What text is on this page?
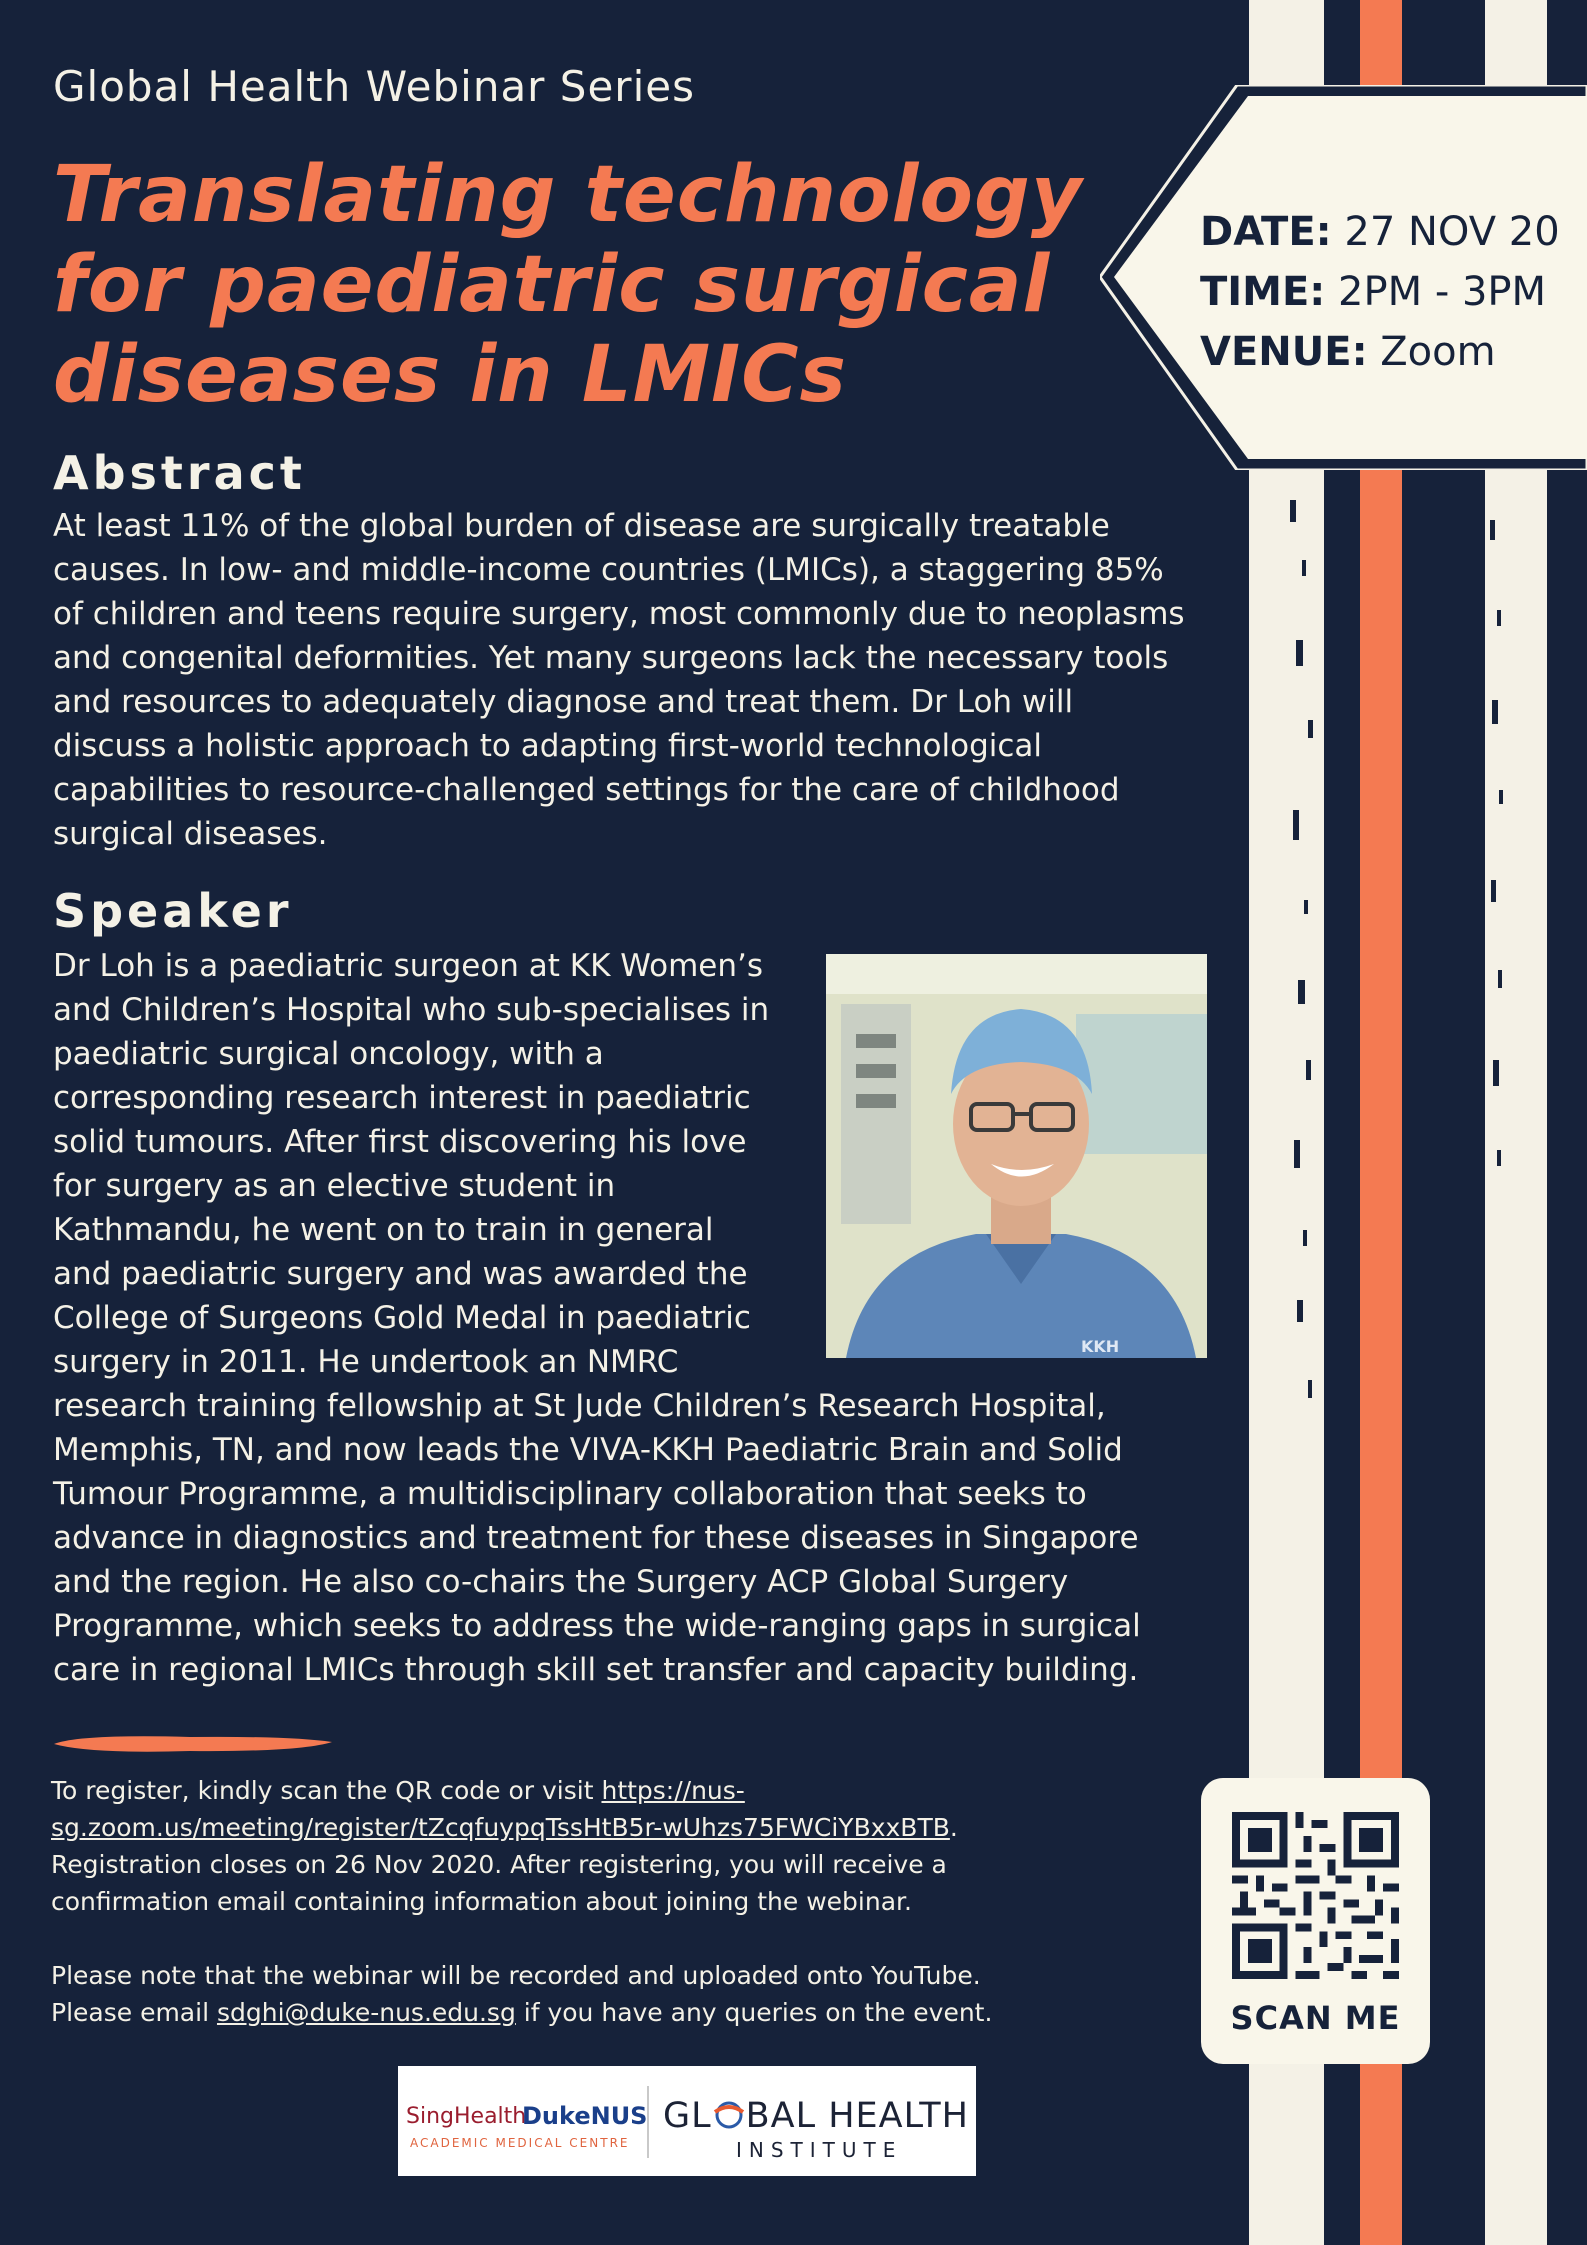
Global Health Webinar Series
Translating technology
for paediatric surgical
diseases in LMICs
DATE: 27 NOV 20
TIME: 2PM - 3PM
VENUE: Zoom
Abstract
At least 11% of the global burden of disease are surgically treatable
causes. In low- and middle-income countries (LMICs), a staggering 85%
of children and teens require surgery, most commonly due to neoplasms
and congenital deformities. Yet many surgeons lack the necessary tools
and resources to adequately diagnose and treat them. Dr Loh will
discuss a holistic approach to adapting first-world technological
capabilities to resource-challenged settings for the care of childhood
surgical diseases.
Speaker
Dr Loh is a paediatric surgeon at KK Women’s
and Children’s Hospital who sub-specialises in
paediatric surgical oncology, with a
corresponding research interest in paediatric
solid tumours. After first discovering his love
for surgery as an elective student in
Kathmandu, he went on to train in general
and paediatric surgery and was awarded the
College of Surgeons Gold Medal in paediatric
surgery in 2011. He undertook an NMRC
research training fellowship at St Jude Children’s Research Hospital,
Memphis, TN, and now leads the VIVA-KKH Paediatric Brain and Solid
Tumour Programme, a multidisciplinary collaboration that seeks to
advance in diagnostics and treatment for these diseases in Singapore
and the region. He also co-chairs the Surgery ACP Global Surgery
Programme, which seeks to address the wide-ranging gaps in surgical
care in regional LMICs through skill set transfer and capacity building.
KKH
To register, kindly scan the QR code or visit https://nus-
sg.zoom.us/meeting/register/tZcqfuypqTssHtB5r-wUhzs75FWCiYBxxBTB.
Registration closes on 26 Nov 2020. After registering, you will receive a
confirmation email containing information about joining the webinar.
Please note that the webinar will be recorded and uploaded onto YouTube.
Please email sdghi@duke-nus.edu.sg if you have any queries on the event.	SCAN ME
SingHealth
DukeNUS
ACADEMIC MEDICAL CENTRE
GL BAL HEALTH
INSTITUTE
